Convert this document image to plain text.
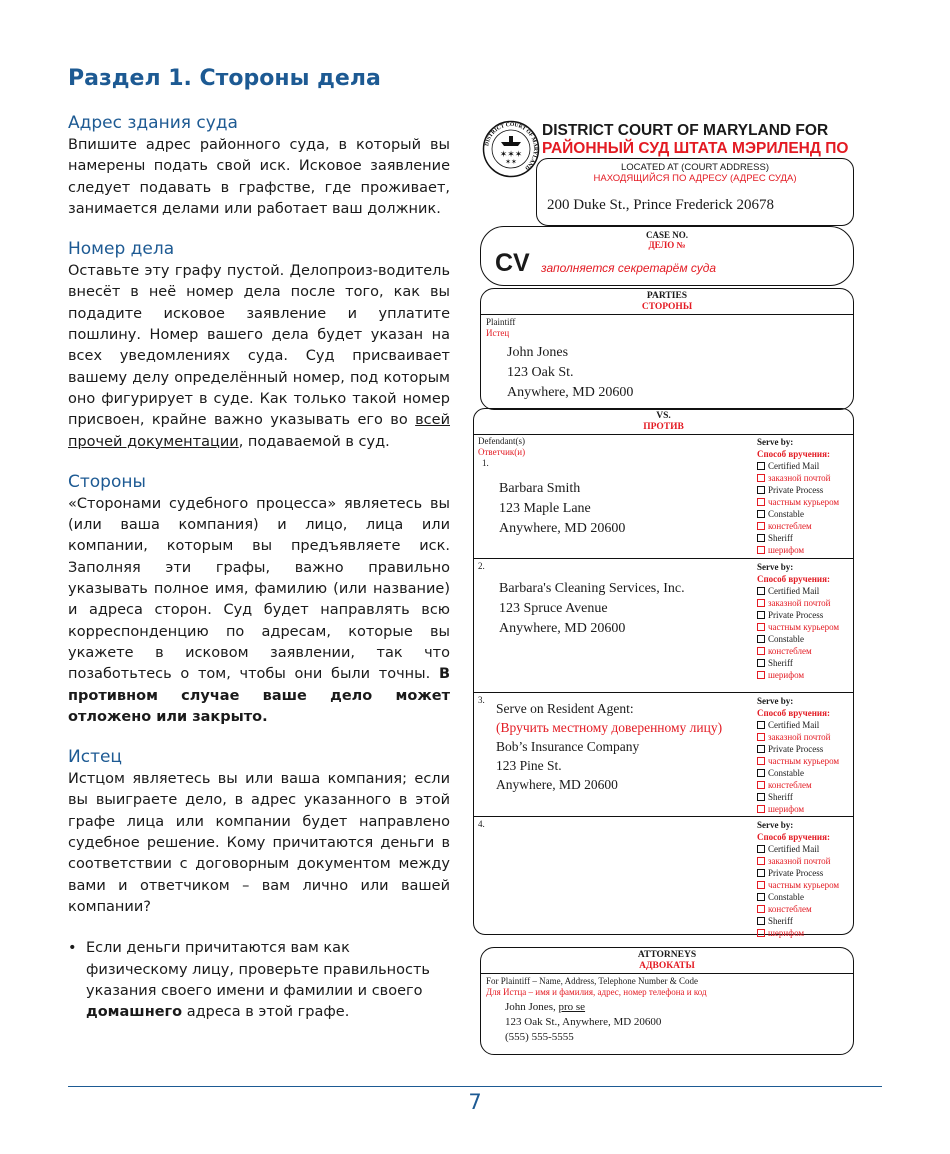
Раздел 1. Стороны дела
Адрес здания суда

Впишите адрес районного суда, в который вы намерены подать свой иск. Исковое заявление следует подавать в графстве, где проживает, занимается делами или работает ваш должник.

Номер дела

Оставьте эту графу пустой. Делопроиз-водитель внесёт в неё номер дела после того, как вы подадите исковое заявление и уплатите пошлину. Номер вашего дела будет указан на всех уведомлениях суда. Суд присваивает вашему делу определённый номер, под которым оно фигурирует в суде. Как только такой номер присвоен, крайне важно указывать его во всей прочей документации, подаваемой в суд.

Стороны

«Сторонами судебного процесса» являетесь вы (или ваша компания) и лицо, лица или компании, которым вы предъявляете иск. Заполняя эти графы, важно правильно указывать полное имя, фамилию (или название) и адреса сторон. Суд будет направлять всю корреспонденцию по адресам, которые вы укажете в исковом заявлении, так что позаботьтесь о том, чтобы они были точны. В противном случае ваше дело может отложено или закрыто.

Истец

Истцом являетесь вы или ваша компания; если вы выиграете дело, в адрес указанного в этой графе лица или компании будет направлено судебное решение. Кому причитаются деньги в соответствии с договорным документом между вами и ответчиком – вам лично или вашей компании?

• Если деньги причитаются вам как физическому лицу, проверьте правильность указания своего имени и фамилии и своего домашнего адреса в этой графе.

DISTRICT COURT OF MARYLAND
✶✶✶
✶✶
DISTRICT COURT OF MARYLAND FOR
РАЙОННЫЙ СУД ШТАТА МЭРИЛЕНД ПО
LOCATED AT (COURT ADDRESS)
НАХОДЯЩИЙСЯ ПО АДРЕСУ (АДРЕС СУДА)
200 Duke St., Prince Frederick 20678
CASE NO.
ДЕЛО №
CV заполняется секретарём суда
PARTIES
СТОРОНЫ
Plaintiff
Истец
John Jones
123 Oak St.
Anywhere, MD 20600
VS.
ПРОТИВ
Defendant(s)
Ответчик(и)
1.
Barbara Smith
123 Maple Lane
Anywhere, MD 20600
Serve by:
Способ вручения:
Certified Mail
заказной почтой
Private Process
частным курьером
Constable
констеблем
Sheriff
шерифом
2.
Barbara's Cleaning Services, Inc.
123 Spruce Avenue
Anywhere, MD 20600
Serve by:
Способ вручения:
Certified Mail
заказной почтой
Private Process
частным курьером
Constable
констеблем
Sheriff
шерифом
3.
Serve on Resident Agent:
(Вручить местному доверенному лицу)
Bob’s Insurance Company
123 Pine St.
Anywhere, MD 20600
Serve by:
Способ вручения:
Certified Mail
заказной почтой
Private Process
частным курьером
Constable
констеблем
Sheriff
шерифом
4.	Serve by:
Способ вручения:
Certified Mail
заказной почтой
Private Process
частным курьером
Constable
констеблем
Sheriff
шерифом
ATTORNEYS
АДВОКАТЫ
For Plaintiff – Name, Address, Telephone Number & Code
Для Истца – имя и фамилия, адрес, номер телефона и код
John Jones, pro se
123 Oak St., Anywhere, MD 20600
(555) 555-5555
7
